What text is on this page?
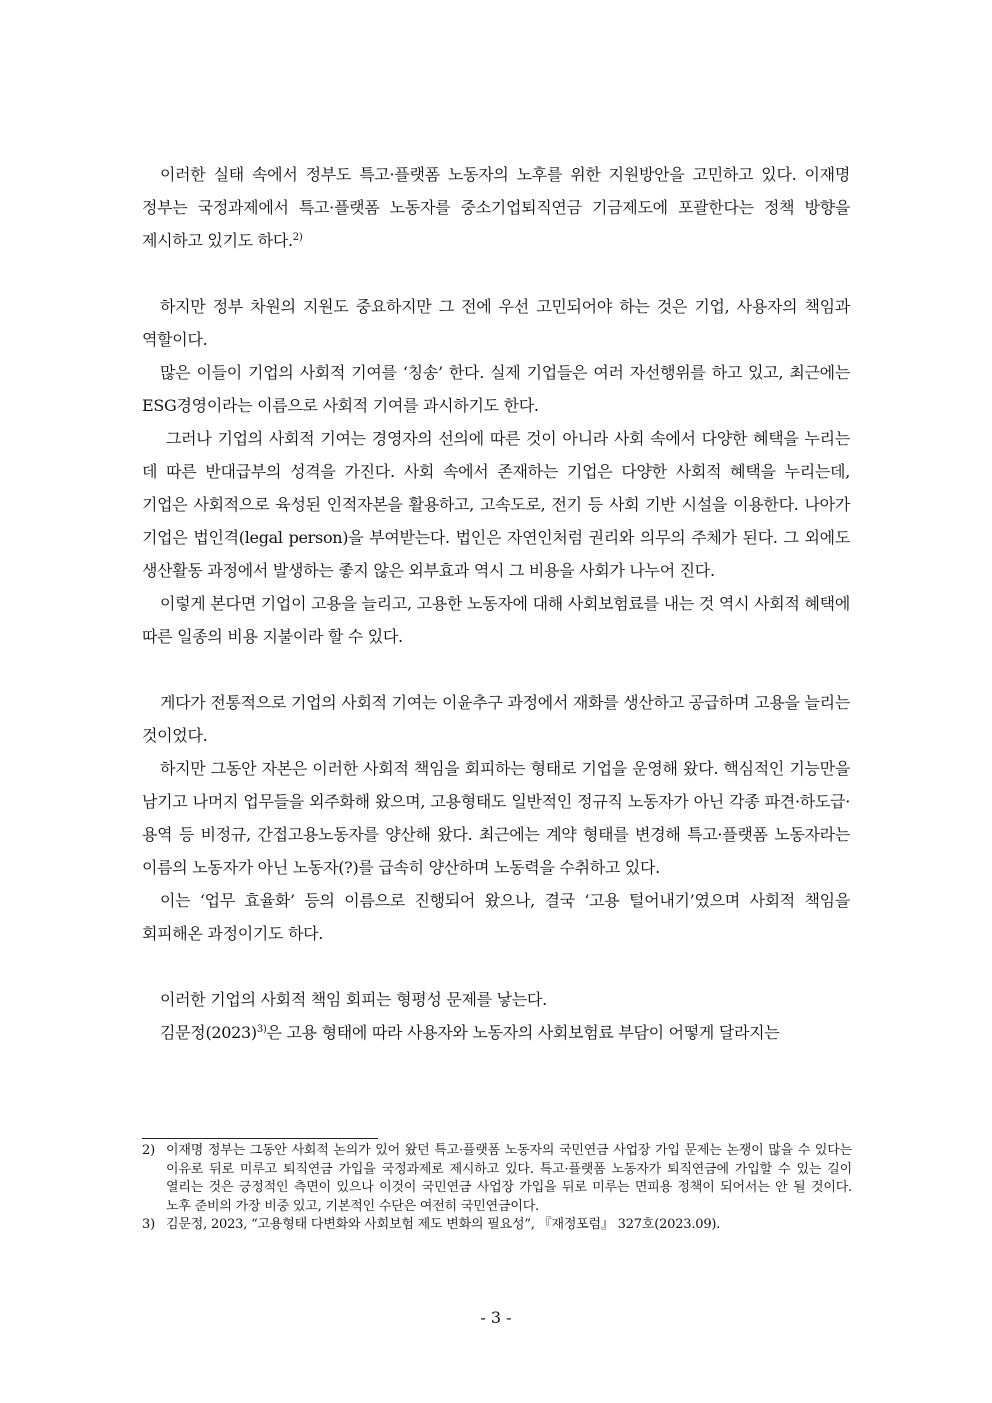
이러한 실태 속에서 정부도 특고·플랫폼 노동자의 노후를 위한 지원방안을 고민하고 있다. 이재명 정부는 국정과제에서 특고·플랫폼 노동자를 중소기업퇴직연금 기금제도에 포괄한다는 정책 방향을 제시하고 있기도 하다.$^{2)}$

하지만 정부 차원의 지원도 중요하지만 그 전에 우선 고민되어야 하는 것은 기업, 사용자의 책임과 역할이다.

많은 이들이 기업의 사회적 기여를 ‘칭송’ 한다. 실제 기업들은 여러 자선행위를 하고 있고, 최근에는 ESG경영이라는 이름으로 사회적 기여를 과시하기도 한다.

그러나 기업의 사회적 기여는 경영자의 선의에 따른 것이 아니라 사회 속에서 다양한 혜택을 누리는 데 따른 반대급부의 성격을 가진다. 사회 속에서 존재하는 기업은 다양한 사회적 혜택을 누리는데, 기업은 사회적으로 육성된 인적자본을 활용하고, 고속도로, 전기 등 사회 기반 시설을 이용한다. 나아가 기업은 법인격(legal person)을 부여받는다. 법인은 자연인처럼 권리와 의무의 주체가 된다. 그 외에도 생산활동 과정에서 발생하는 좋지 않은 외부효과 역시 그 비용을 사회가 나누어 진다.

이렇게 본다면 기업이 고용을 늘리고, 고용한 노동자에 대해 사회보험료를 내는 것 역시 사회적 혜택에 따른 일종의 비용 지불이라 할 수 있다.

게다가 전통적으로 기업의 사회적 기여는 이윤추구 과정에서 재화를 생산하고 공급하며 고용을 늘리는 것이었다.

하지만 그동안 자본은 이러한 사회적 책임을 회피하는 형태로 기업을 운영해 왔다. 핵심적인 기능만을 남기고 나머지 업무들을 외주화해 왔으며, 고용형태도 일반적인 정규직 노동자가 아닌 각종 파견·하도급·용역 등 비정규, 간접고용노동자를 양산해 왔다. 최근에는 계약 형태를 변경해 특고·플랫폼 노동자라는 이름의 노동자가 아닌 노동자(?)를 급속히 양산하며 노동력을 수취하고 있다.

이는 ‘업무 효율화’ 등의 이름으로 진행되어 왔으나, 결국 ‘고용 털어내기’였으며 사회적 책임을 회피해온 과정이기도 하다.

이러한 기업의 사회적 책임 회피는 형평성 문제를 낳는다.

김문정$(2023)^{3)}$은 고용 형태에 따라 사용자와 노동자의 사회보험료 부담이 어떻게 달라지는

2) 이재명 정부는 그동안 사회적 논의가 있어 왔던 특고·플랫폼 노동자의 국민연금 사업장 가입 문제는 논쟁이 많을 수 있다는 이유로 뒤로 미루고 퇴직연금 가입을 국정과제로 제시하고 있다. 특고·플랫폼 노동자가 퇴직연금에 가입할 수 있는 길이 열리는 것은 긍정적인 측면이 있으나 이것이 국민연금 사업장 가입을 뒤로 미루는 면피용 정책이 되어서는 안 될 것이다. 노후 준비의 가장 비중 있고, 기본적인 수단은 여전히 국민연금이다.
3) 김문정, 2023, “고용형태 다변화와 사회보험 제도 변화의 필요성”, 『재정포럼』 327호(2023.09).
- 3 -
